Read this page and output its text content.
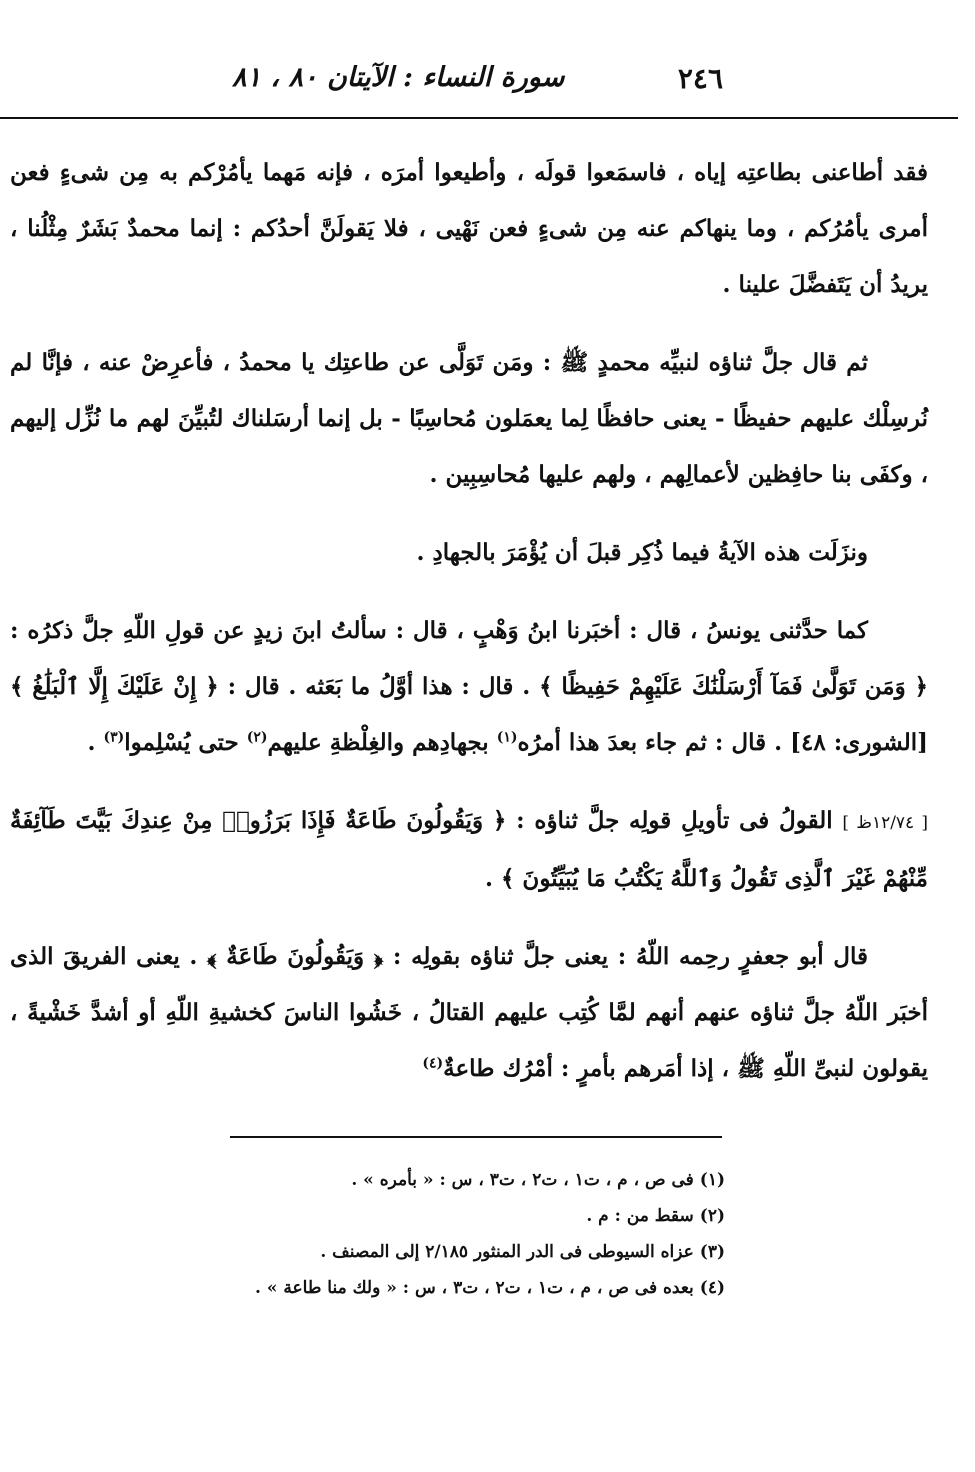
٢٤٦
سورة النساء : الآيتان ٨٠ ، ٨١

فقد أطاعنى بطاعتِه إياه ، فاسمَعوا قولَه ، وأطيعوا أمرَه ، فإنه مَهما يأمُرْكم به مِن شىءٍ فعن أمرى يأمُرُكم ، وما ينهاكم عنه مِن شىءٍ فعن نَهْيى ، فلا يَقولَنَّ أحدُكم : إنما محمدٌ بَشَرٌ مِثْلُنا ، يريدُ أن يَتَفضَّلَ علينا .

ثم قال جلَّ ثناؤه لنبيِّه محمدٍ ﷺ : ومَن تَوَلَّى عن طاعتِك يا محمدُ ، فأعرِضْ عنه ، فإنَّا لم نُرسِلْك عليهم حفيظًا - يعنى حافظًا لِما يعمَلون مُحاسِبًا - بل إنما أرسَلناك لتُبيِّنَ لهم ما نُزِّل إليهم ، وكفَى بنا حافِظين لأعمالِهم ، ولهم عليها مُحاسِبِين .

ونزَلَت هذه الآيةُ فيما ذُكِر قبلَ أن يُؤْمَرَ بالجهادِ .

كما حدَّثنى يونسُ ، قال : أخبَرنا ابنُ وَهْبٍ ، قال : سألتُ ابنَ زيدٍ عن قولِ اللّهِ جلَّ ذكرُه : ﴿ وَمَن تَوَلَّىٰ فَمَآ أَرْسَلْنَٰكَ عَلَيْهِمْ حَفِيظًا ﴾ . قال : هذا أوَّلُ ما بَعَثه . قال : ﴿ إِنْ عَلَيْكَ إِلَّا ٱلْبَلَٰغُ ﴾ [الشورى: ٤٨] . قال : ثم جاء بعدَ هذا أمرُه$^{(١)}$ بجهادِهم والغِلْظةِ عليهم$^{(٢)}$ حتى يُسْلِموا$^{(٣)}$ .

[ ١٢/٧٤ظ ] القولُ فى تأويلِ قولِه جلَّ ثناؤه : ﴿ وَيَقُولُونَ طَاعَةٌ فَإِذَا بَرَزُوا۟ مِنْ عِندِكَ بَيَّتَ طَآئِفَةٌ مِّنْهُمْ غَيْرَ ٱلَّذِى تَقُولُ وَٱللَّهُ يَكْتُبُ مَا يُبَيِّتُونَ ﴾ .

قال أبو جعفرٍ رحِمه اللّهُ : يعنى جلَّ ثناؤه بقولِه : ﴿ وَيَقُولُونَ طَاعَةٌ ﴾ . يعنى الفريقَ الذى أخبَر اللّهُ جلَّ ثناؤه عنهم أنهم لمَّا كُتِب عليهم القتالُ ، خَشُوا الناسَ كخشيةِ اللّهِ أو أشدَّ خَشْيةً ، يقولون لنبىِّ اللّهِ ﷺ ، إذا أمَرهم بأمرٍ : أمْرُك طاعةٌ$^{(٤)}$

(١)فى ص ، م ، ت١ ، ت٢ ، ت٣ ، س : « بأمره » .
(٢)سقط من : م .
(٣)عزاه السيوطى فى الدر المنثور ٢/١٨٥ إلى المصنف .
(٤)بعده فى ص ، م ، ت١ ، ت٢ ، ت٣ ، س : « ولك منا طاعة » .
